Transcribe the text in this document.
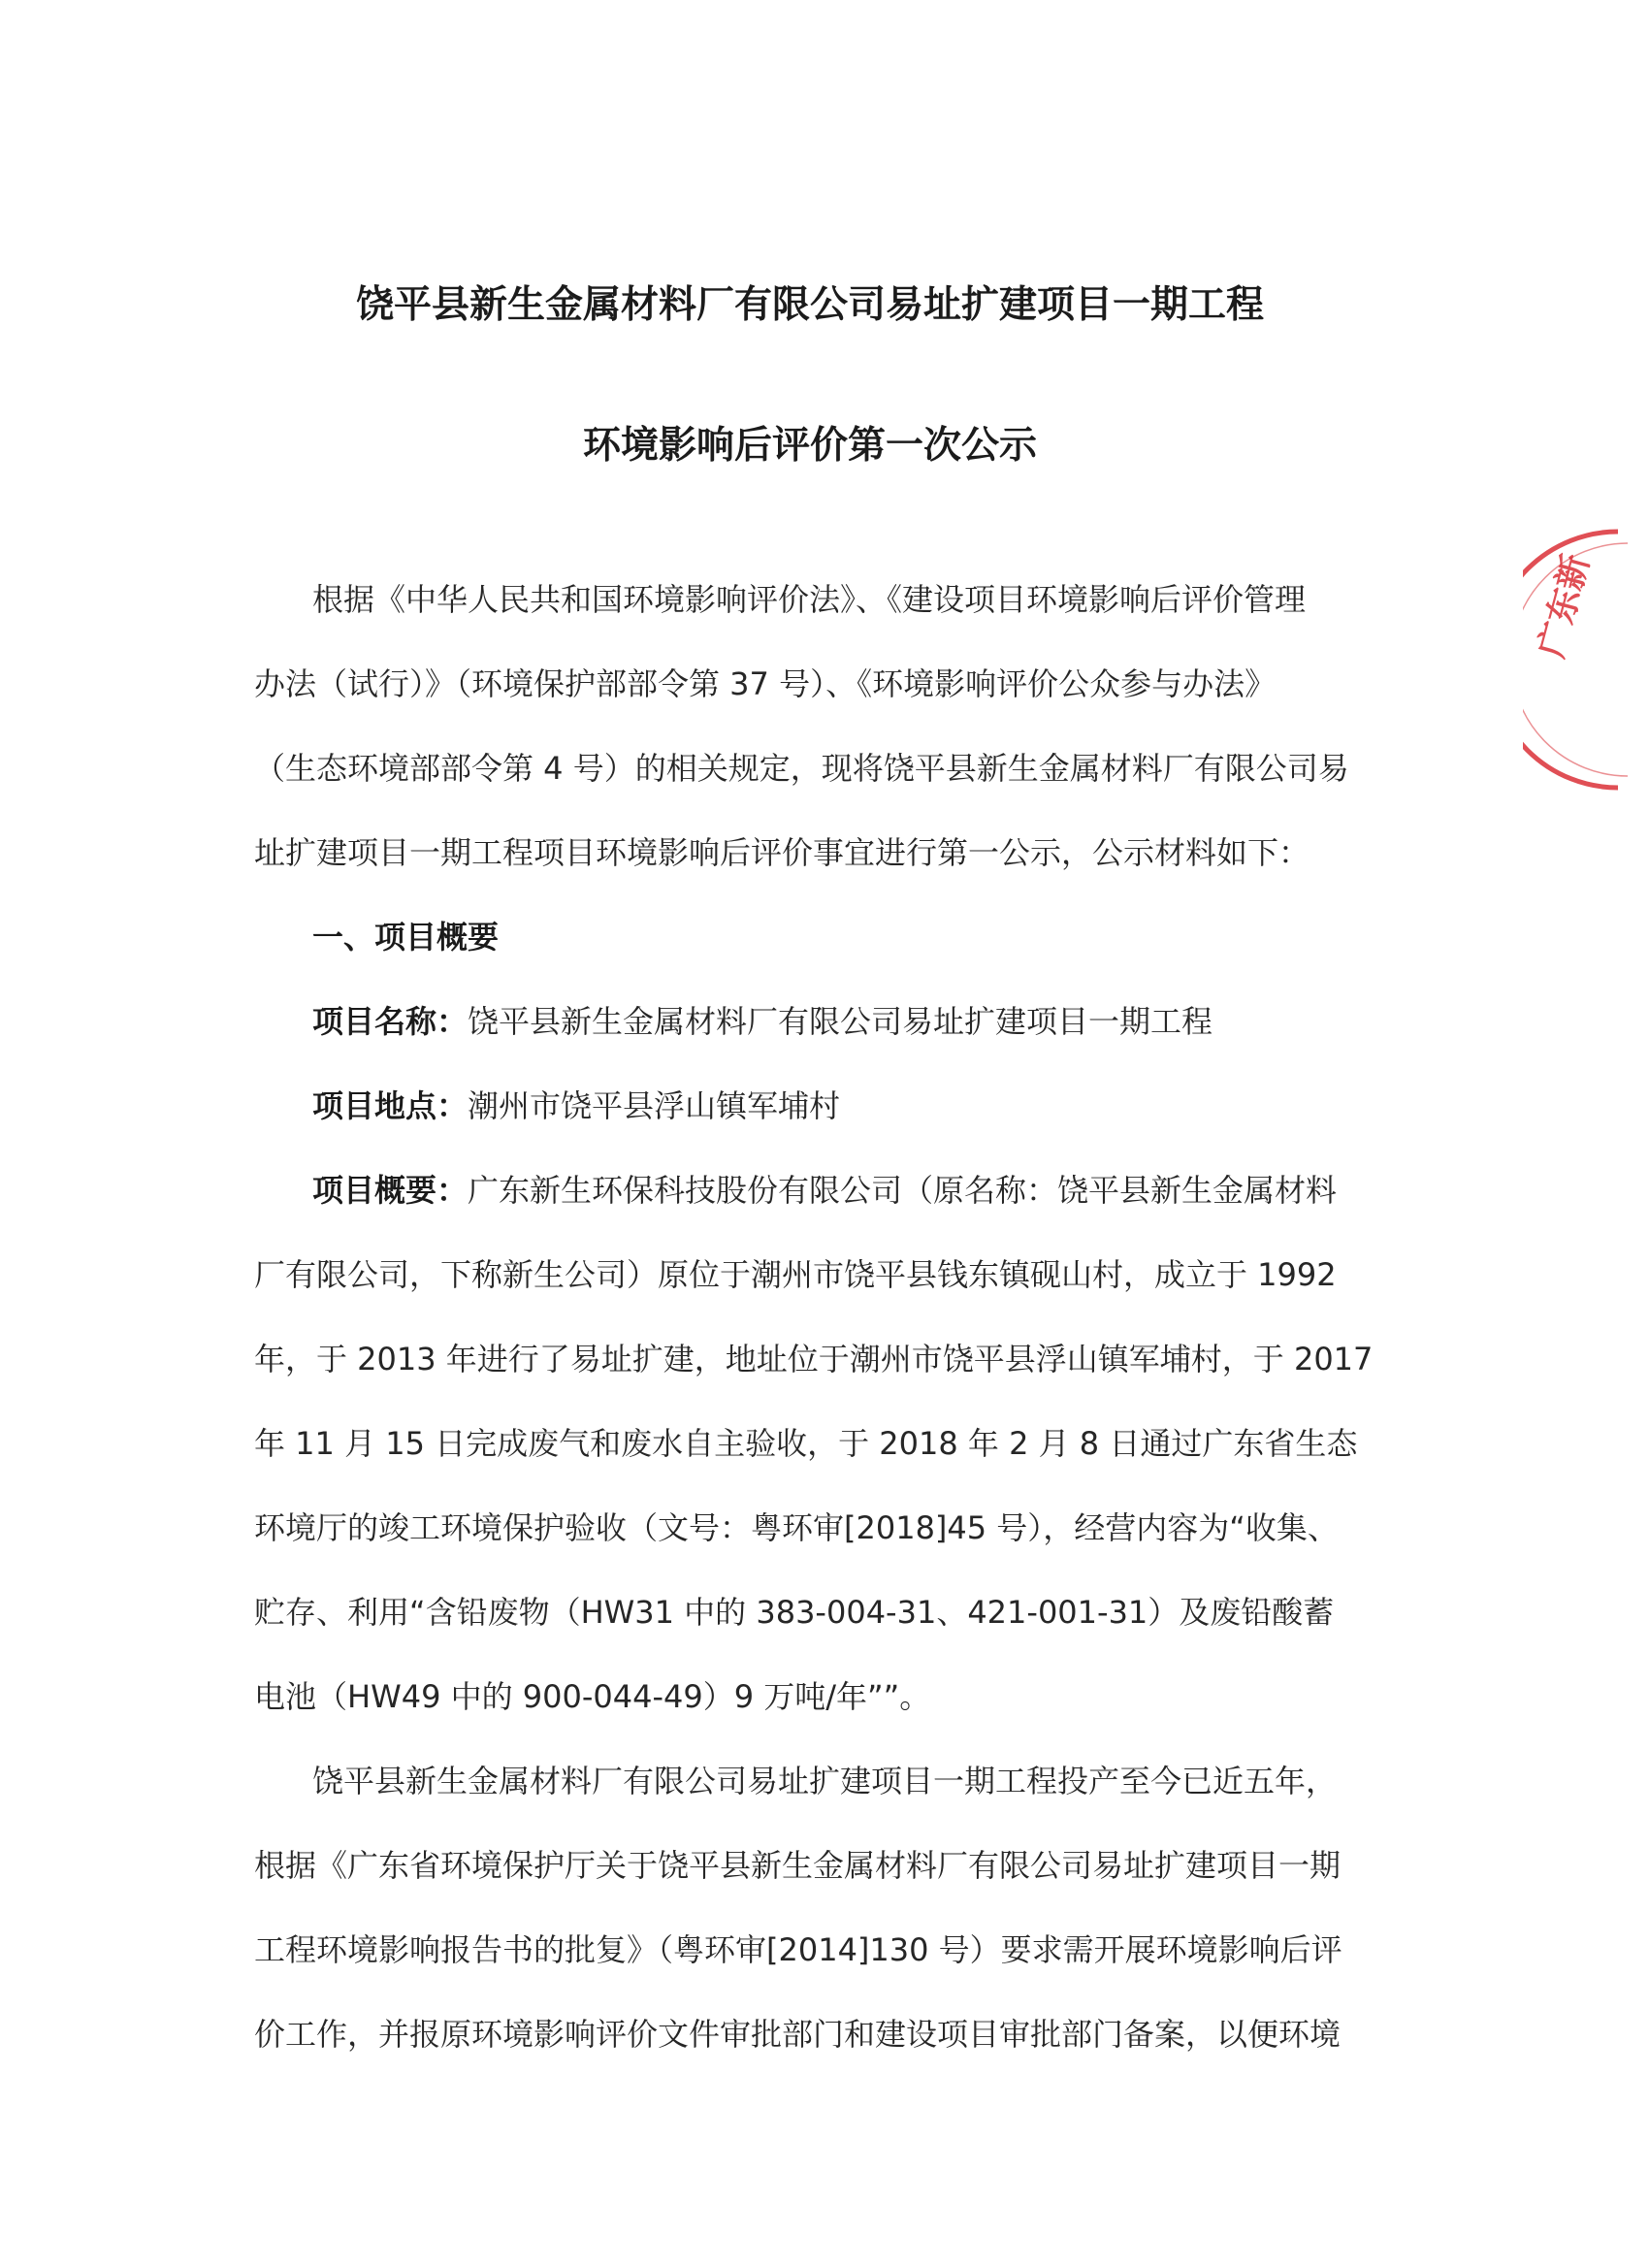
饶平县新生金属材料厂有限公司易址扩建项目一期工程
环境影响后评价第一次公示
根据《中华人民共和国环境影响评价法》、《建设项目环境影响后评价管理
办法（试行）》（环境保护部部令第 37 号）、《环境影响评价公众参与办法》
（生态环境部部令第 4 号）的相关规定，现将饶平县新生金属材料厂有限公司易
址扩建项目一期工程项目环境影响后评价事宜进行第一公示，公示材料如下：
一、项目概要
项目名称：饶平县新生金属材料厂有限公司易址扩建项目一期工程
项目地点：潮州市饶平县浮山镇军埔村
项目概要：广东新生环保科技股份有限公司（原名称：饶平县新生金属材料
厂有限公司，下称新生公司）原位于潮州市饶平县钱东镇砚山村，成立于 1992
年，于 2013 年进行了易址扩建，地址位于潮州市饶平县浮山镇军埔村，于 2017
年 11 月 15 日完成废气和废水自主验收，于 2018 年 2 月 8 日通过广东省生态
环境厅的竣工环境保护验收（文号：粤环审[2018]45 号），经营内容为“收集、
贮存、利用“含铅废物（HW31 中的 383-004-31、421-001-31）及废铅酸蓄
电池（HW49 中的 900-044-49）9 万吨/年””。
饶平县新生金属材料厂有限公司易址扩建项目一期工程投产至今已近五年，
根据《广东省环境保护厅关于饶平县新生金属材料厂有限公司易址扩建项目一期
工程环境影响报告书的批复》（粤环审[2014]130 号）要求需开展环境影响后评
价工作，并报原环境影响评价文件审批部门和建设项目审批部门备案，以便环境
广东新
